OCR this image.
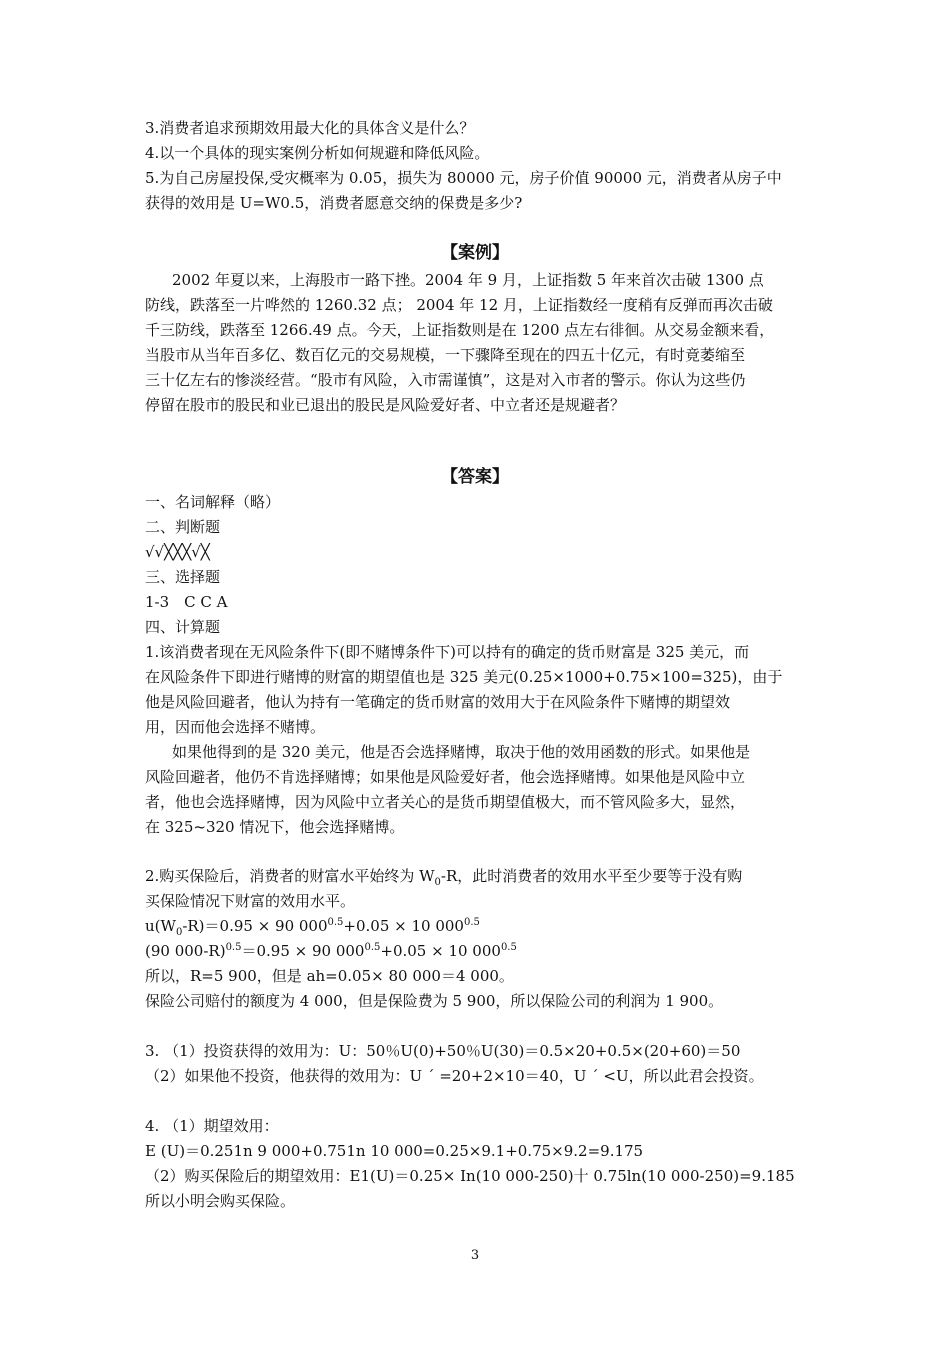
3.消费者追求预期效用最大化的具体含义是什么？
4.以一个具体的现实案例分析如何规避和降低风险。
5.为自己房屋投保,受灾概率为 0.05，损失为 80000 元，房子价值 90000 元，消费者从房子中
获得的效用是 U=W0.5，消费者愿意交纳的保费是多少?
【案例】
2002 年夏以来，上海股市一路下挫。2004 年 9 月，上证指数 5 年来首次击破 1300 点
防线，跌落至一片哗然的 1260.32 点； 2004 年 12 月，上证指数经一度稍有反弹而再次击破
千三防线，跌落至 1266.49 点。今天，上证指数则是在 1200 点左右徘徊。从交易金额来看，
当股市从当年百多亿、数百亿元的交易规模，一下骤降至现在的四五十亿元，有时竟萎缩至
三十亿左右的惨淡经营。“股市有风险，入市需谨慎”，这是对入市者的警示。你认为这些仍
停留在股市的股民和业已退出的股民是风险爱好者、中立者还是规避者？
【答案】
一、名词解释（略）
二、判断题
√√╳╳╳√╳
三、选择题
1-3　C C A
四、计算题
1.该消费者现在无风险条件下(即不赌博条件下)可以持有的确定的货币财富是 325 美元，而
在风险条件下即进行赌博的财富的期望值也是 325 美元(0.25×1000+0.75×100=325)，由于
他是风险回避者，他认为持有一笔确定的货币财富的效用大于在风险条件下赌博的期望效
用，因而他会选择不赌博。
如果他得到的是 320 美元，他是否会选择赌博，取决于他的效用函数的形式。如果他是
风险回避者，他仍不肯选择赌博；如果他是风险爱好者，他会选择赌博。如果他是风险中立
者，他也会选择赌博，因为风险中立者关心的是货币期望值极大，而不管风险多大，显然，
在 325~320 情况下，他会选择赌博。
2.购买保险后，消费者的财富水平始终为 $W_0-R$，此时消费者的效用水平至少要等于没有购
买保险情况下财富的效用水平。
$u(W_0-R)=0.95 \times 90$ $000^{0.5}+0.05 \times 10$ $000^{0.5}$
(90 000-R)$^{0.5}$＝0.95 × 90 $000^{0.5}+0.05 \times 10$ $000^{0.5}$
所以，R=5 900，但是 ah=0.05× 80 000＝4 000。
保险公司赔付的额度为 4 000，但是保险费为 5 900，所以保险公司的利润为 1 900。
3. （1）投资获得的效用为：U：50％U(0)+50％U(30)＝0.5×20+0.5×(20+60)＝50
（2）如果他不投资，他获得的效用为：U ˊ =20+2×10＝40，U ˊ <U，所以此君会投资。
4. （1）期望效用：
E (U)＝0.251n 9 000+0.751n 10 000=0.25×9.1+0.75×9.2=9.175
（2）购买保险后的期望效用：E1(U)＝0.25× In(10 000-250)十 0.75ln(10 000-250)=9.185
所以小明会购买保险。
3
